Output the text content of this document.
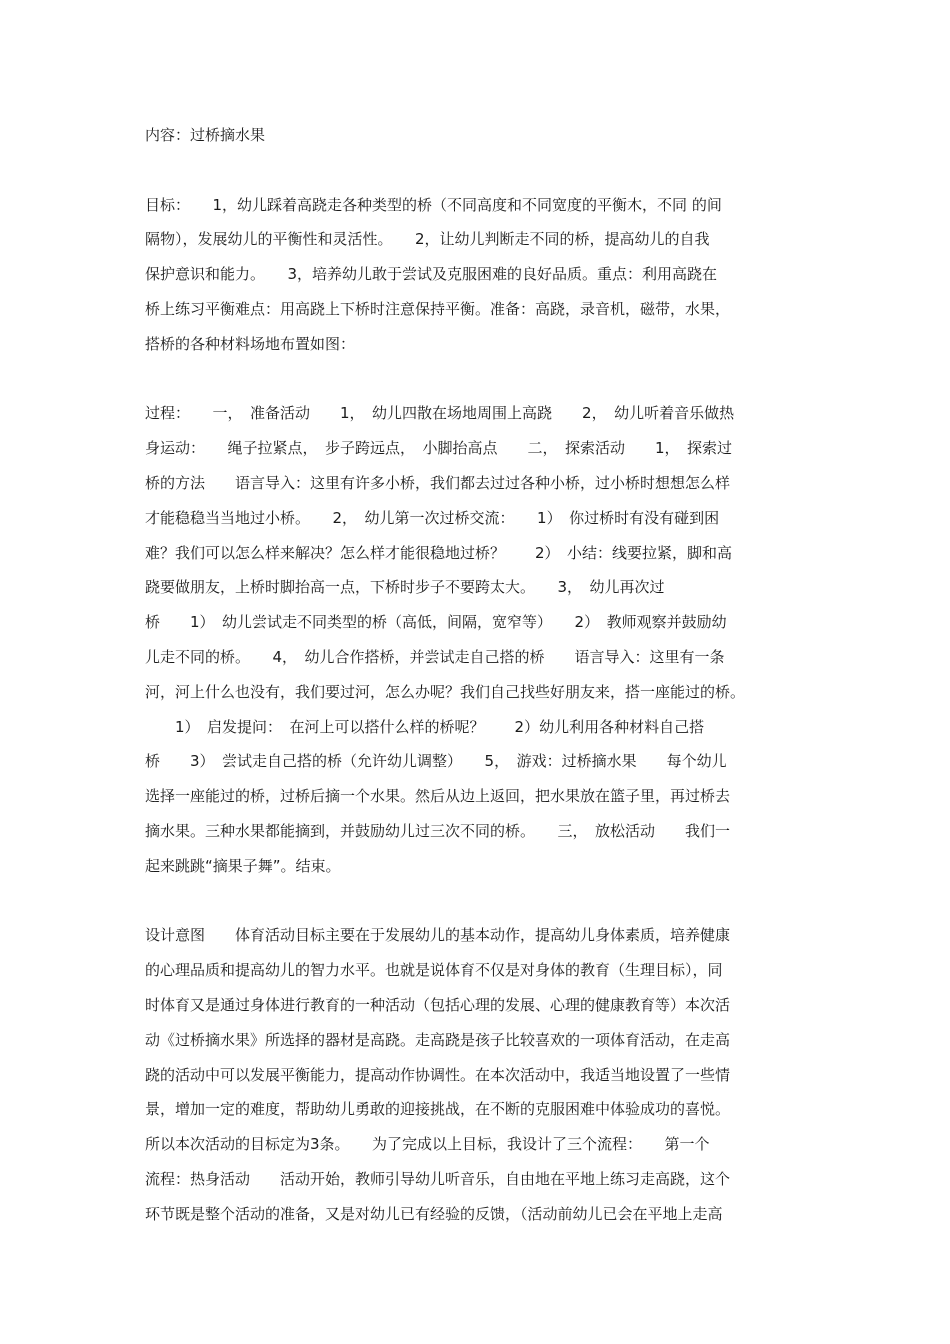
内容：过桥摘水果

目标：　　1，幼儿踩着高跷走各种类型的桥（不同高度和不同宽度的平衡木，不同 的间
隔物），发展幼儿的平衡性和灵活性。　　2，让幼儿判断走不同的桥，提高幼儿的自我
保护意识和能力。　　3，培养幼儿敢于尝试及克服困难的良好品质。重点：利用高跷在
桥上练习平衡难点：用高跷上下桥时注意保持平衡。准备：高跷，录音机，磁带，水果，
搭桥的各种材料场地布置如图：

过程：　　一，　准备活动　　1，　幼儿四散在场地周围上高跷　　2，　幼儿听着音乐做热
身运动：　　绳子拉紧点，　步子跨远点，　小脚抬高点　　二，　探索活动　　1，　探索过
桥的方法　　语言导入：这里有许多小桥，我们都去过过各种小桥，过小桥时想想怎么样
才能稳稳当当地过小桥。　　2，　幼儿第一次过桥交流：　　1）　你过桥时有没有碰到困
难？我们可以怎么样来解决？怎么样才能很稳地过桥？　　2）　小结：线要拉紧，脚和高
跷要做朋友，上桥时脚抬高一点，下桥时步子不要跨太大。　　3，　幼儿再次过
桥　　1）　幼儿尝试走不同类型的桥（高低，间隔，宽窄等）　　2）　教师观察并鼓励幼
儿走不同的桥。　　4，　幼儿合作搭桥，并尝试走自己搭的桥　　语言导入：这里有一条
河，河上什么也没有，我们要过河，怎么办呢？我们自己找些好朋友来，搭一座能过的桥。
　　1）　启发提问：　在河上可以搭什么样的桥呢？　　2）幼儿利用各种材料自己搭
桥　　3）　尝试走自己搭的桥（允许幼儿调整）　　5，　游戏：过桥摘水果　　每个幼儿
选择一座能过的桥，过桥后摘一个水果。然后从边上返回，把水果放在篮子里，再过桥去
摘水果。三种水果都能摘到，并鼓励幼儿过三次不同的桥。　　三，　放松活动　　我们一
起来跳跳“摘果子舞”。结束。

设计意图　　体育活动目标主要在于发展幼儿的基本动作，提高幼儿身体素质，培养健康
的心理品质和提高幼儿的智力水平。也就是说体育不仅是对身体的教育（生理目标），同
时体育又是通过身体进行教育的一种活动（包括心理的发展、心理的健康教育等）本次活
动《过桥摘水果》所选择的器材是高跷。走高跷是孩子比较喜欢的一项体育活动，在走高
跷的活动中可以发展平衡能力，提高动作协调性。在本次活动中，我适当地设置了一些情
景，增加一定的难度，帮助幼儿勇敢的迎接挑战，在不断的克服困难中体验成功的喜悦。
所以本次活动的目标定为3条。　　为了完成以上目标，我设计了三个流程：　　第一个
流程：热身活动　　活动开始，教师引导幼儿听音乐，自由地在平地上练习走高跷，这个
环节既是整个活动的准备，又是对幼儿已有经验的反馈，（活动前幼儿已会在平地上走高
